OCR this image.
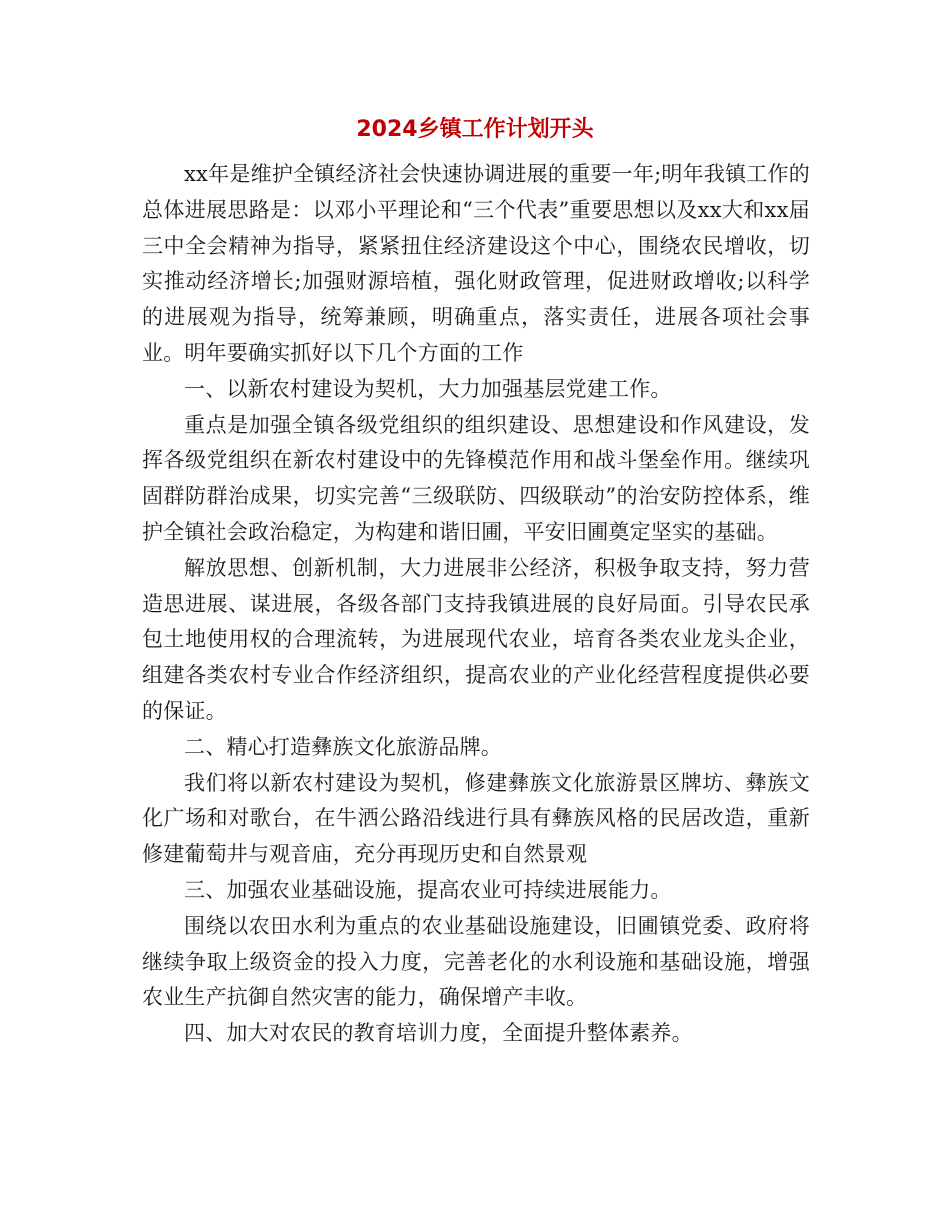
2024乡镇工作计划开头

xx年是维护全镇经济社会快速协调进展的重要一年;明年我镇工作的总体进展思路是：以邓小平理论和“三个代表”重要思想以及xx大和xx届三中全会精神为指导，紧紧扭住经济建设这个中心，围绕农民增收，切实推动经济增长;加强财源培植，强化财政管理，促进财政增收;以科学的进展观为指导，统筹兼顾，明确重点，落实责任，进展各项社会事业。明年要确实抓好以下几个方面的工作

一、以新农村建设为契机，大力加强基层党建工作。

重点是加强全镇各级党组织的组织建设、思想建设和作风建设，发挥各级党组织在新农村建设中的先锋模范作用和战斗堡垒作用。继续巩固群防群治成果，切实完善“三级联防、四级联动”的治安防控体系，维护全镇社会政治稳定，为构建和谐旧圃，平安旧圃奠定坚实的基础。

解放思想、创新机制，大力进展非公经济，积极争取支持，努力营造思进展、谋进展，各级各部门支持我镇进展的良好局面。引导农民承包土地使用权的合理流转，为进展现代农业，培育各类农业龙头企业，组建各类农村专业合作经济组织，提高农业的产业化经营程度提供必要的保证。

二、精心打造彝族文化旅游品牌。

我们将以新农村建设为契机，修建彝族文化旅游景区牌坊、彝族文化广场和对歌台，在牛洒公路沿线进行具有彝族风格的民居改造，重新修建葡萄井与观音庙，充分再现历史和自然景观

三、加强农业基础设施，提高农业可持续进展能力。

围绕以农田水利为重点的农业基础设施建设，旧圃镇党委、政府将继续争取上级资金的投入力度，完善老化的水利设施和基础设施，增强农业生产抗御自然灾害的能力，确保增产丰收。

四、加大对农民的教育培训力度，全面提升整体素养。
